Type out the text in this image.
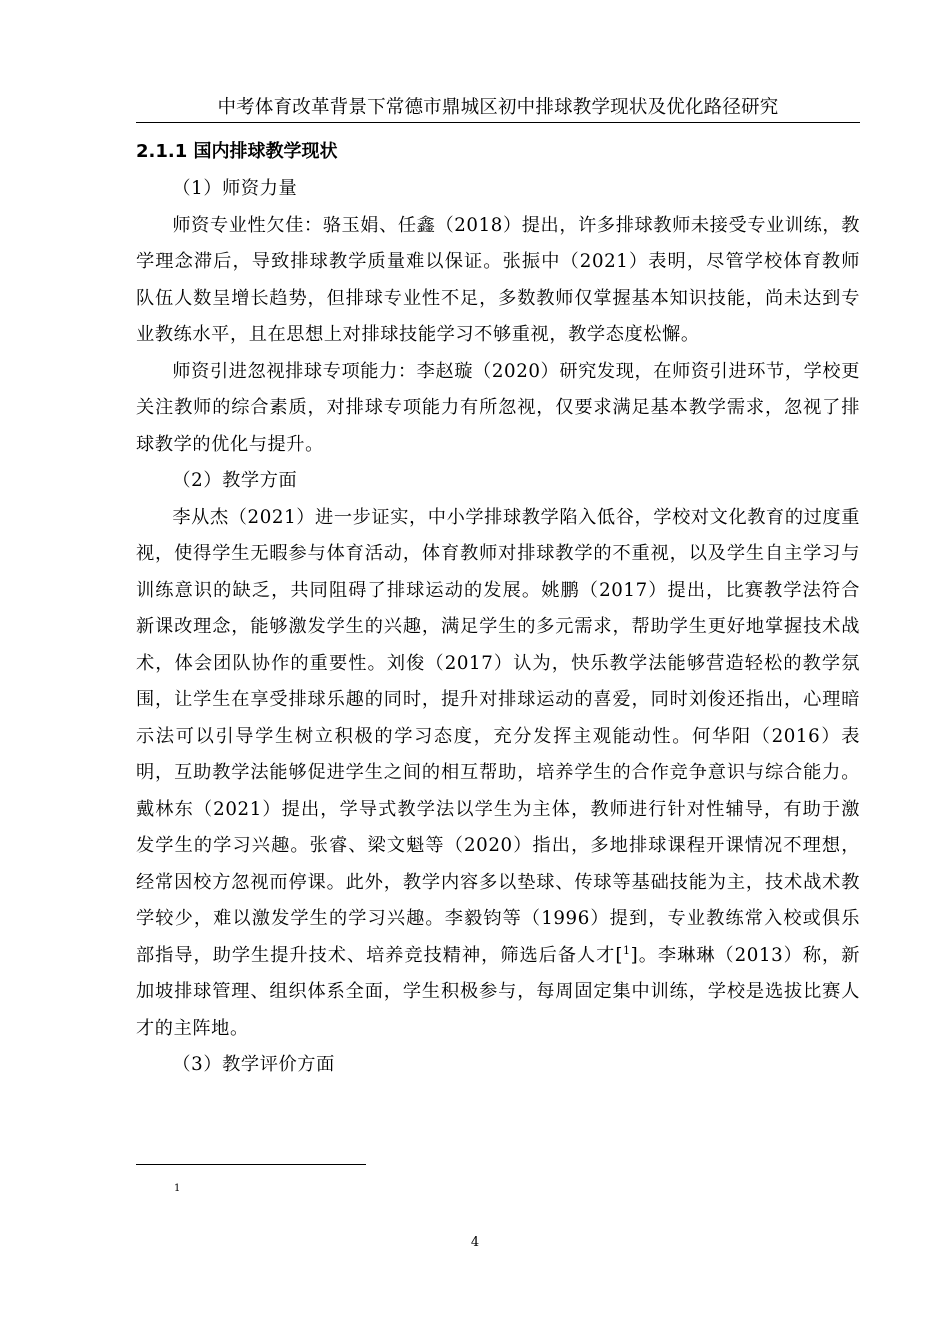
中考体育改革背景下常德市鼎城区初中排球教学现状及优化路径研究
2.1.1 国内排球教学现状

（1）师资力量

师资专业性欠佳：骆玉娟、任鑫（2018）提出，许多排球教师未接受专业训练，教学理念滞后，导致排球教学质量难以保证。张振中（2021）表明，尽管学校体育教师队伍人数呈增长趋势，但排球专业性不足，多数教师仅掌握基本知识技能，尚未达到专业教练水平，且在思想上对排球技能学习不够重视，教学态度松懈。

师资引进忽视排球专项能力：李赵璇（2020）研究发现，在师资引进环节，学校更关注教师的综合素质，对排球专项能力有所忽视，仅要求满足基本教学需求，忽视了排球教学的优化与提升。

（2）教学方面

李从杰（2021）进一步证实，中小学排球教学陷入低谷，学校对文化教育的过度重视，使得学生无暇参与体育活动，体育教师对排球教学的不重视，以及学生自主学习与训练意识的缺乏，共同阻碍了排球运动的发展。姚鹏（2017）提出，比赛教学法符合新课改理念，能够激发学生的兴趣，满足学生的多元需求，帮助学生更好地掌握技术战术，体会团队协作的重要性。刘俊（2017）认为，快乐教学法能够营造轻松的教学氛围，让学生在享受排球乐趣的同时，提升对排球运动的喜爱，同时刘俊还指出，心理暗示法可以引导学生树立积极的学习态度，充分发挥主观能动性。何华阳（2016）表明，互助教学法能够促进学生之间的相互帮助，培养学生的合作竞争意识与综合能力。戴林东（2021）提出，学导式教学法以学生为主体，教师进行针对性辅导，有助于激发学生的学习兴趣。张睿、梁文魁等（2020）指出，多地排球课程开课情况不理想，经常因校方忽视而停课。此外，教学内容多以垫球、传球等基础技能为主，技术战术教学较少，难以激发学生的学习兴趣。李毅钧等（1996）提到，专业教练常入校或俱乐部指导，助学生提升技术、培养竞技精神，筛选后备人才[$^1$]。李琳琳（2013）称，新加坡排球管理、组织体系全面，学生积极参与，每周固定集中训练，学校是选拔比赛人才的主阵地。

（3）教学评价方面

1
4
